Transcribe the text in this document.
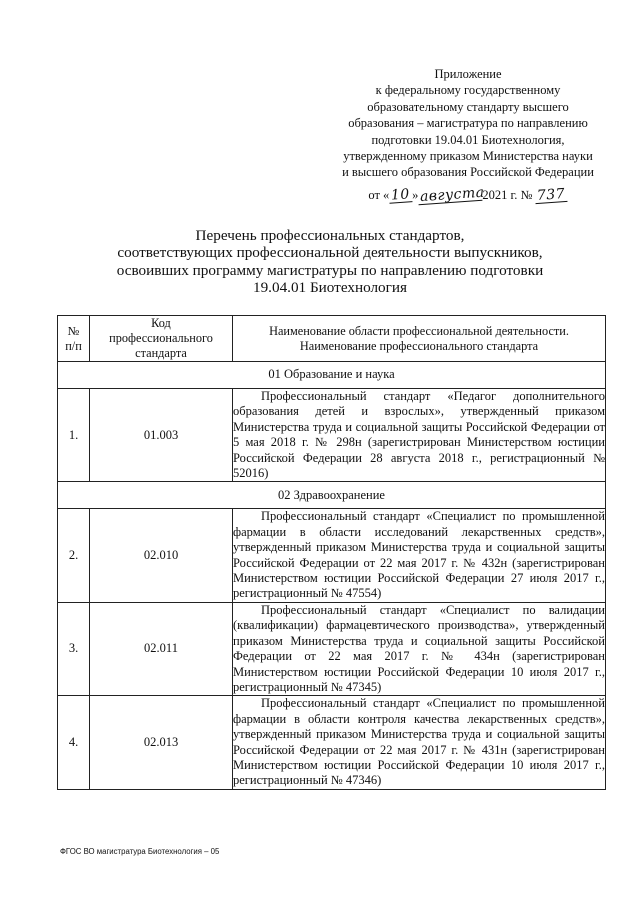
Приложение
к федеральному государственному
образовательному стандарту высшего
образования – магистратура по направлению
подготовки 19.04.01 Биотехнология,
утвержденному приказом Министерства науки
и высшего образования Российской Федерации
от «10»августа2021 г. № 737
Перечень профессиональных стандартов,
соответствующих профессиональной деятельности выпускников,
освоивших программу магистратуры по направлению подготовки
19.04.01 Биотехнология
№ п/п	Код профессионального стандарта	Наименование области профессиональной деятельности. Наименование профессионального стандарта
01 Образование и наука		
1.	01.003	Профессиональный стандарт «Педагог дополнительного образования детей и взрослых», утвержденный приказом Министерства труда и социальной защиты Российской Федерации от 5 мая 2018 г. № 298н (зарегистрирован Министерством юстиции Российской Федерации 28 августа 2018 г., регистрационный № 52016)

02 Здравоохранение		
2.	02.010	Профессиональный стандарт «Специалист по промышленной фармации в области исследований лекарственных средств», утвержденный приказом Министерства труда и социальной защиты Российской Федерации от 22 мая 2017 г. № 432н (зарегистрирован Министерством юстиции Российской Федерации 27 июля 2017 г., регистрационный № 47554)

3.	02.011	Профессиональный стандарт «Специалист по валидации (квалификации) фармацевтического производства», утвержденный приказом Министерства труда и социальной защиты Российской Федерации от 22 мая 2017 г. № 434н (зарегистрирован Министерством юстиции Российской Федерации 10 июля 2017 г., регистрационный № 47345)

4.	02.013	Профессиональный стандарт «Специалист по промышленной фармации в области контроля качества лекарственных средств», утвержденный приказом Министерства труда и социальной защиты Российской Федерации от 22 мая 2017 г. № 431н (зарегистрирован Министерством юстиции Российской Федерации 10 июля 2017 г., регистрационный № 47346)
ФГОС ВО магистратура Биотехнология – 05
